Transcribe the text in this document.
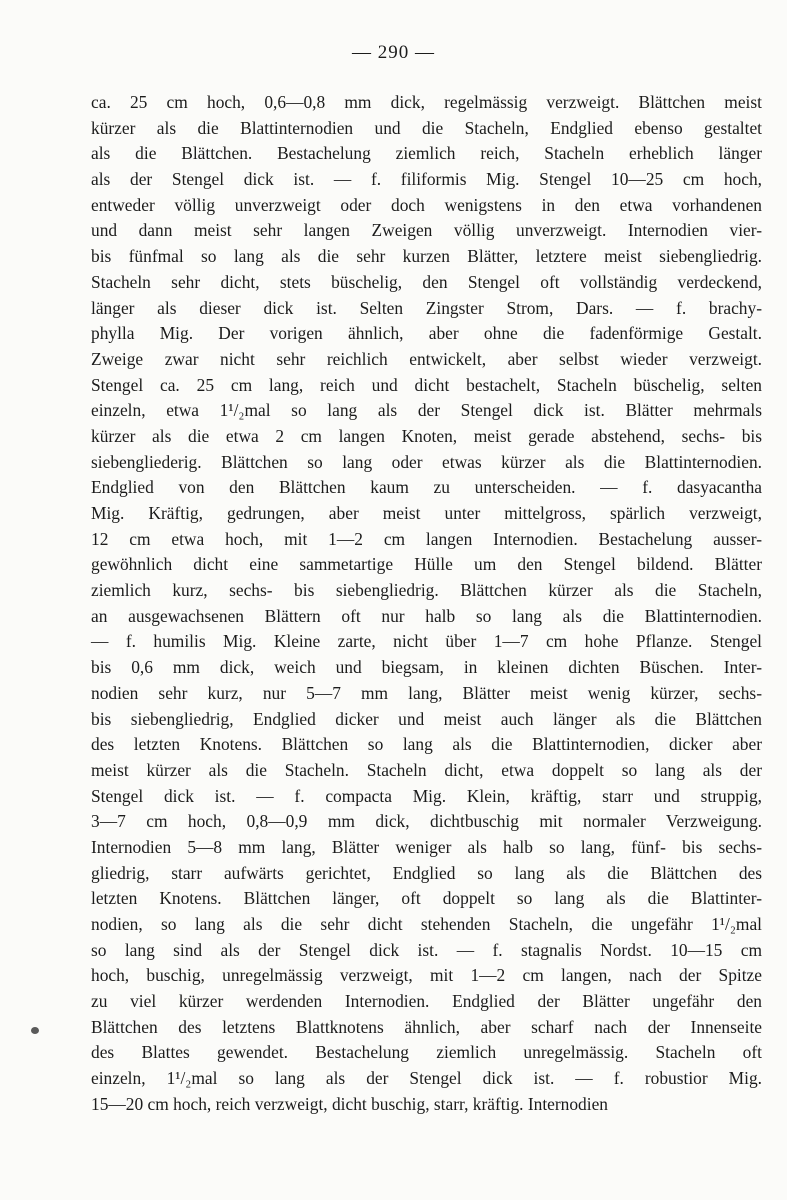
— 290 —
ca. 25 cm hoch, 0,6—0,8 mm dick, regelmässig verzweigt. Blättchen meist
kürzer als die Blattinternodien und die Stacheln, Endglied ebenso gestaltet
als die Blättchen. Bestachelung ziemlich reich, Stacheln erheblich länger
als der Stengel dick ist. — f. filiformis Mig. Stengel 10—25 cm hoch,
entweder völlig unverzweigt oder doch wenigstens in den etwa vorhandenen
und dann meist sehr langen Zweigen völlig unverzweigt. Internodien vier-
bis fünfmal so lang als die sehr kurzen Blätter, letztere meist siebengliedrig.
Stacheln sehr dicht, stets büschelig, den Stengel oft vollständig verdeckend,
länger als dieser dick ist. Selten Zingster Strom, Dars. — f. brachy-
phylla Mig. Der vorigen ähnlich, aber ohne die fadenförmige Gestalt.
Zweige zwar nicht sehr reichlich entwickelt, aber selbst wieder verzweigt.
Stengel ca. 25 cm lang, reich und dicht bestachelt, Stacheln büschelig, selten
einzeln, etwa 1¹/₂mal so lang als der Stengel dick ist. Blätter mehrmals
kürzer als die etwa 2 cm langen Knoten, meist gerade abstehend, sechs- bis
siebengliederig. Blättchen so lang oder etwas kürzer als die Blattinternodien.
Endglied von den Blättchen kaum zu unterscheiden. — f. dasyacantha
Mig. Kräftig, gedrungen, aber meist unter mittelgross, spärlich verzweigt,
12 cm etwa hoch, mit 1—2 cm langen Internodien. Bestachelung ausser-
gewöhnlich dicht eine sammetartige Hülle um den Stengel bildend. Blätter
ziemlich kurz, sechs- bis siebengliedrig. Blättchen kürzer als die Stacheln,
an ausgewachsenen Blättern oft nur halb so lang als die Blattinternodien.
— f. humilis Mig. Kleine zarte, nicht über 1—7 cm hohe Pflanze. Stengel
bis 0,6 mm dick, weich und biegsam, in kleinen dichten Büschen. Inter-
nodien sehr kurz, nur 5—7 mm lang, Blätter meist wenig kürzer, sechs-
bis siebengliedrig, Endglied dicker und meist auch länger als die Blättchen
des letzten Knotens. Blättchen so lang als die Blattinternodien, dicker aber
meist kürzer als die Stacheln. Stacheln dicht, etwa doppelt so lang als der
Stengel dick ist. — f. compacta Mig. Klein, kräftig, starr und struppig,
3—7 cm hoch, 0,8—0,9 mm dick, dichtbuschig mit normaler Verzweigung.
Internodien 5—8 mm lang, Blätter weniger als halb so lang, fünf- bis sechs-
gliedrig, starr aufwärts gerichtet, Endglied so lang als die Blättchen des
letzten Knotens. Blättchen länger, oft doppelt so lang als die Blattinter-
nodien, so lang als die sehr dicht stehenden Stacheln, die ungefähr 1¹/₂mal
so lang sind als der Stengel dick ist. — f. stagnalis Nordst. 10—15 cm
hoch, buschig, unregelmässig verzweigt, mit 1—2 cm langen, nach der Spitze
zu viel kürzer werdenden Internodien. Endglied der Blätter ungefähr den
Blättchen des letztens Blattknotens ähnlich, aber scharf nach der Innenseite
des Blattes gewendet. Bestachelung ziemlich unregelmässig. Stacheln oft
einzeln, 1¹/₂mal so lang als der Stengel dick ist. — f. robustior Mig.
15—20 cm hoch, reich verzweigt, dicht buschig, starr, kräftig. Internodien
